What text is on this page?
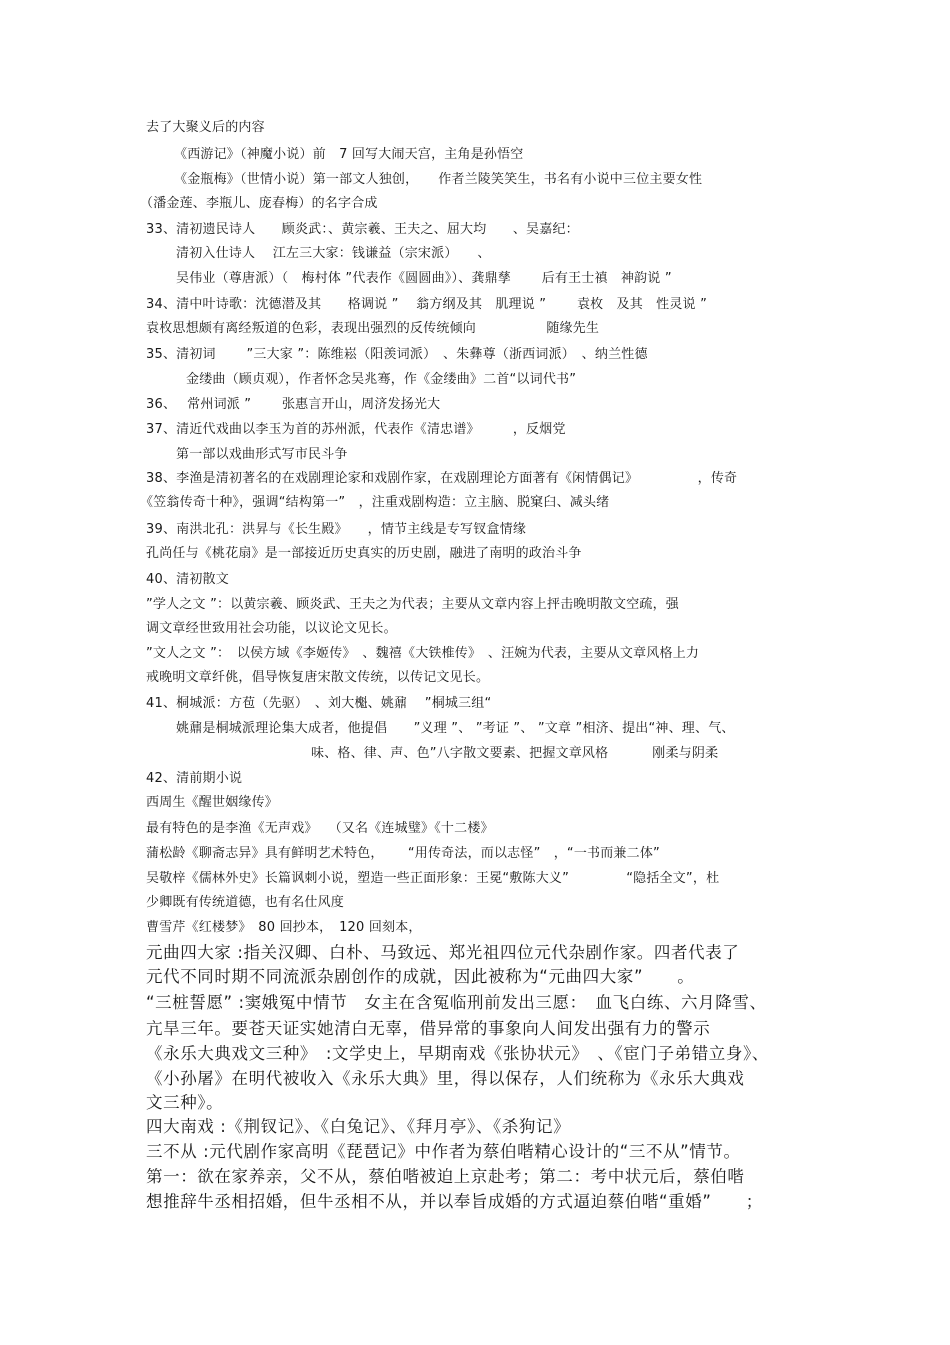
去了大聚义后的内容
《西游记》（神魔小说）前　7 回写大闹天宫，主角是孙悟空
《金瓶梅》（世情小说）第一部文人独创，　　作者兰陵笑笑生，书名有小说中三位主要女性
（潘金莲、李瓶儿、庞春梅）的名字合成
33、清初遗民诗人　　顾炎武：、黄宗羲、王夫之、屈大均　　、吴嘉纪：
清初入仕诗人　 江左三大家：钱谦益（宗宋派）　　、
吴伟业（尊唐派）（　梅村体 ”代表作《圆圆曲》）、龚鼎孳　　 后有王士禛　神韵说 ”
34、清中叶诗歌：沈德潜及其　　格调说 ”　 翁方纲及其　肌理说 ”　　 袁枚　及其　性灵说 ”
袁枚思想颇有离经叛道的色彩，表现出强烈的反传统倾向　　　　　 随缘先生
35、清初词　　 ”三大家 ”：陈维崧（阳羡词派）　、朱彝尊（浙西词派）　、纳兰性德
金缕曲（顾贞观），作者怀念吴兆骞，作《金缕曲》二首“以词代书”
36、　 常州词派 ”　　 张惠言开山，周济发扬光大
37、清近代戏曲以李玉为首的苏州派，代表作《清忠谱》　　　，反烟党
第一部以戏曲形式写市民斗争
38、李渔是清初著名的在戏剧理论家和戏剧作家，在戏剧理论方面著有《闲情偶记》　　　　　，传奇
《笠翁传奇十种》，强调“结构第一”　，注重戏剧构造：立主脑、脱窠臼、减头绪
39、南洪北孔：洪昇与《长生殿》　　，情节主线是专写钗盒情缘
孔尚任与《桃花扇》是一部接近历史真实的历史剧，融进了南明的政治斗争
40、清初散文
”学人之文 ”：以黄宗羲、顾炎武、王夫之为代表；主要从文章内容上抨击晚明散文空疏，强
调文章经世致用社会功能，以议论文见长。
”文人之文 ”：　以侯方域《李姬传》　、魏禧《大铁椎传》　、汪婉为代表，主要从文章风格上力
戒晚明文章纤佻，倡导恢复唐宋散文传统，以传记文见长。
41、桐城派：方苞（先驱）　、刘大櫆、姚鼐　 ”桐城三组“
姚鼐是桐城派理论集大成者，他提倡　　”义理 ”、 ”考证 ”、 ”文章 ”相济、提出“神、理、气、
味、格、律、声、色”八字散文要素、把握文章风格　　　 刚柔与阴柔
42、清前期小说
西周生《醒世姻缘传》
最有特色的是李渔《无声戏》　 （又名《连城璧》《十二楼》
蒲松龄《聊斋志异》具有鲜明艺术特色，　　 “用传奇法，而以志怪”　，“一书而兼二体”
吴敬梓《儒林外史》长篇讽刺小说，塑造一些正面形象：王冕“敷陈大义”　　　　 “隐括全文”，杜
少卿既有传统道德，也有名仕风度
曹雪芹《红楼梦》　80 回抄本，　120 回刻本，
元曲四大家 :指关汉卿、白朴、马致远、郑光祖四位元代杂剧作家。四者代表了
元代不同时期不同流派杂剧创作的成就，因此被称为“元曲四大家”　　。
“三桩誓愿” :窦娥冤中情节　女主在含冤临刑前发出三愿：　血飞白练、六月降雪、
亢旱三年。要苍天证实她清白无辜，借异常的事象向人间发出强有力的警示
《永乐大典戏文三种》　:文学史上，早期南戏《张协状元》　、《宦门子弟错立身》、
《小孙屠》在明代被收入《永乐大典》里，得以保存，人们统称为《永乐大典戏
文三种》。
四大南戏 :《荆钗记》、《白兔记》、《拜月亭》、《杀狗记》
三不从 :元代剧作家高明《琵琶记》中作者为蔡伯喈精心设计的“三不从”情节。
第一：欲在家养亲，父不从，蔡伯喈被迫上京赴考；第二：考中状元后，蔡伯喈
想推辞牛丞相招婚，但牛丞相不从，并以奉旨成婚的方式逼迫蔡伯喈“重婚”　　；
